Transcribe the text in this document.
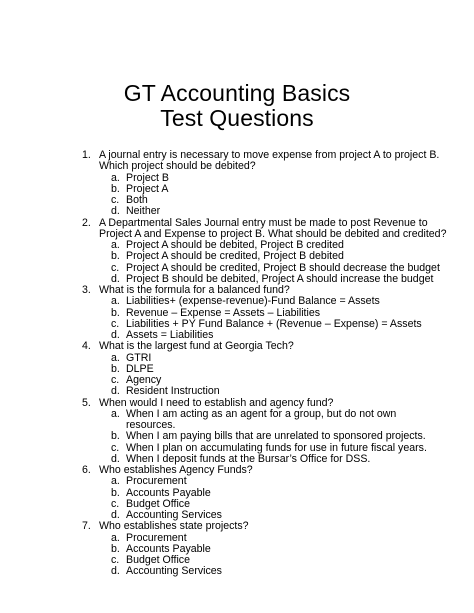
GT Accounting Basics
Test Questions
1. A journal entry is necessary to move expense from project A to project B.
Which project should be debited?
a. Project B
b. Project A
c. Both
d. Neither
2. A Departmental Sales Journal entry must be made to post Revenue to
Project A and Expense to project B. What should be debited and credited?
a. Project A should be debited, Project B credited
b. Project A should be credited, Project B debited
c. Project A should be credited, Project B should decrease the budget
d. Project B should be debited, Project A should increase the budget
3. What is the formula for a balanced fund?
a. Liabilities+ (expense-revenue)-Fund Balance = Assets
b. Revenue – Expense = Assets – Liabilities
c. Liabilities + PY Fund Balance + (Revenue – Expense) = Assets
d. Assets = Liabilities
4. What is the largest fund at Georgia Tech?
a. GTRI
b. DLPE
c. Agency
d. Resident Instruction
5. When would I need to establish and agency fund?
a. When I am acting as an agent for a group, but do not own
resources.
b. When I am paying bills that are unrelated to sponsored projects.
c. When I plan on accumulating funds for use in future fiscal years.
d. When I deposit funds at the Bursar’s Office for DSS.
6. Who establishes Agency Funds?
a. Procurement
b. Accounts Payable
c. Budget Office
d. Accounting Services
7. Who establishes state projects?
a. Procurement
b. Accounts Payable
c. Budget Office
d. Accounting Services
